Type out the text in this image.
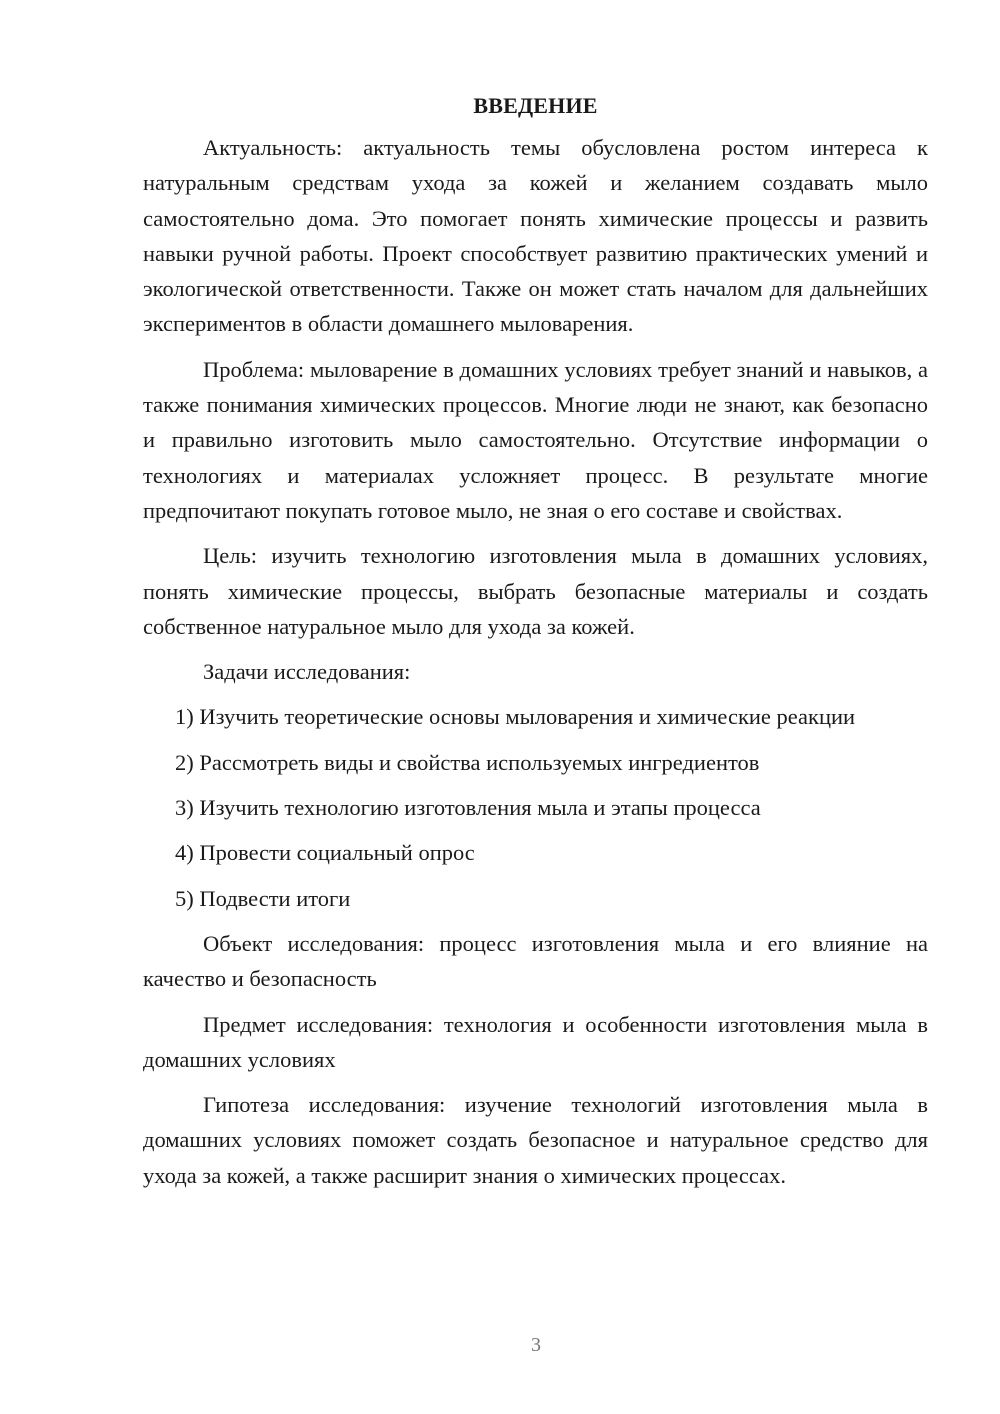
ВВЕДЕНИЕ

Актуальность: актуальность темы обусловлена ростом интереса к натуральным средствам ухода за кожей и желанием создавать мыло самостоятельно дома. Это помогает понять химические процессы и развить навыки ручной работы. Проект способствует развитию практических умений и экологической ответственности. Также он может стать началом для дальнейших экспериментов в области домашнего мыловарения.

Проблема: мыловарение в домашних условиях требует знаний и навыков, а также понимания химических процессов. Многие люди не знают, как безопасно и правильно изготовить мыло самостоятельно. Отсутствие информации о технологиях и материалах усложняет процесс. В результате многие предпочитают покупать готовое мыло, не зная о его составе и свойствах.

Цель: изучить технологию изготовления мыла в домашних условиях, понять химические процессы, выбрать безопасные материалы и создать собственное натуральное мыло для ухода за кожей.

Задачи исследования:

1) Изучить теоретические основы мыловарения и химические реакции
2) Рассмотреть виды и свойства используемых ингредиентов
3) Изучить технологию изготовления мыла и этапы процесса
4) Провести социальный опрос
5) Подвести итоги

Объект исследования: процесс изготовления мыла и его влияние на качество и безопасность

Предмет исследования: технология и особенности изготовления мыла в домашних условиях

Гипотеза исследования: изучение технологий изготовления мыла в домашних условиях поможет создать безопасное и натуральное средство для ухода за кожей, а также расширит знания о химических процессах.

3
